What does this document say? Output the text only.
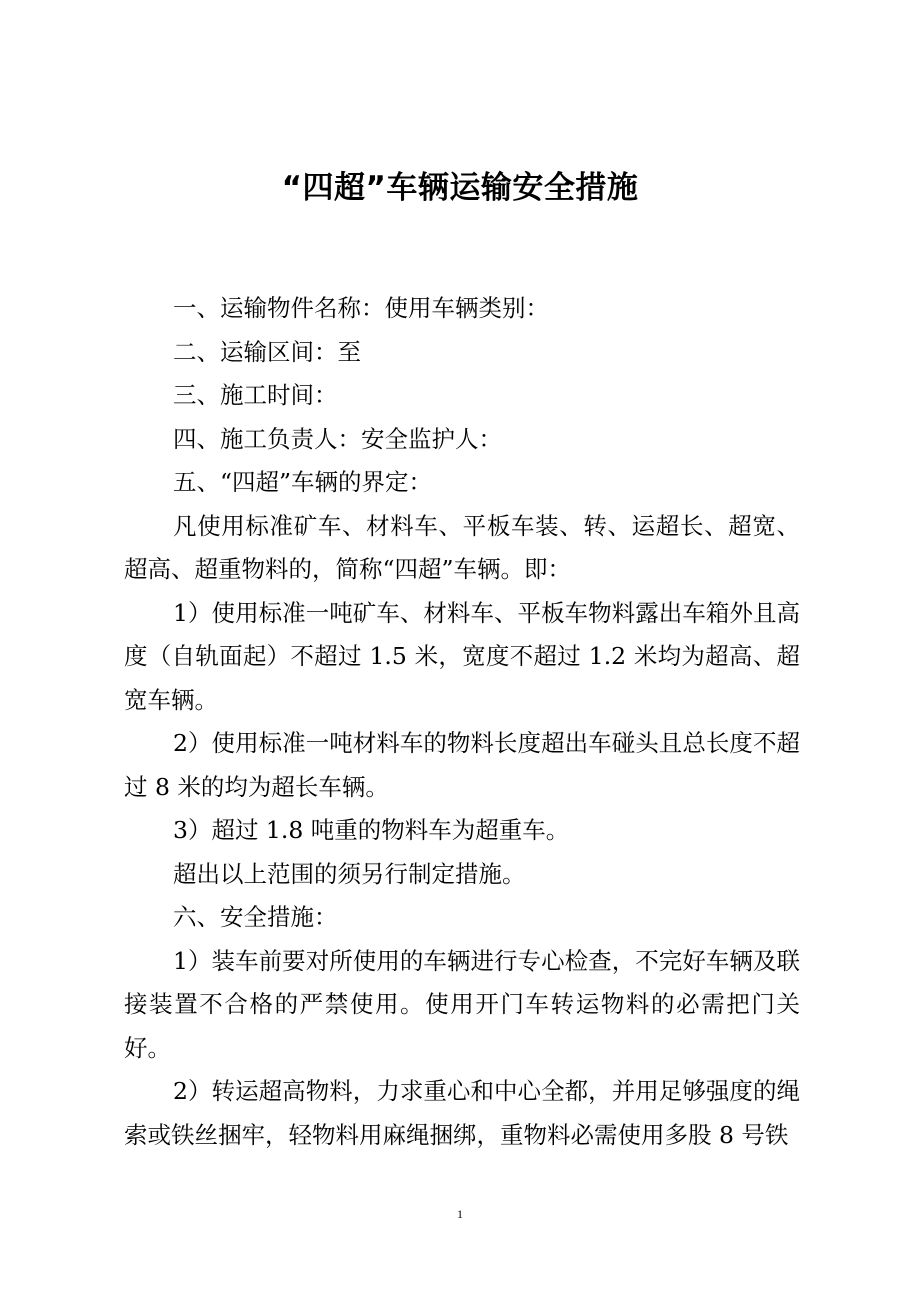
“四超”车辆运输安全措施

一、运输物件名称：使用车辆类别：

二、运输区间：至

三、施工时间：

四、施工负责人：安全监护人：

五、“四超”车辆的界定：

凡使用标准矿车、材料车、平板车装、转、运超长、超宽、超高、超重物料的，简称“四超”车辆。即：

1）使用标准一吨矿车、材料车、平板车物料露出车箱外且高度（自轨面起）不超过 1.5 米，宽度不超过 1.2 米均为超高、超宽车辆。

2）使用标准一吨材料车的物料长度超出车碰头且总长度不超过 8 米的均为超长车辆。

3）超过 1.8 吨重的物料车为超重车。

超出以上范围的须另行制定措施。

六、安全措施：

1）装车前要对所使用的车辆进行专心检查，不完好车辆及联接装置不合格的严禁使用。使用开门车转运物料的必需把门关好。

2）转运超高物料，力求重心和中心全都，并用足够强度的绳索或铁丝捆牢，轻物料用麻绳捆绑，重物料必需使用多股 8 号铁

1
